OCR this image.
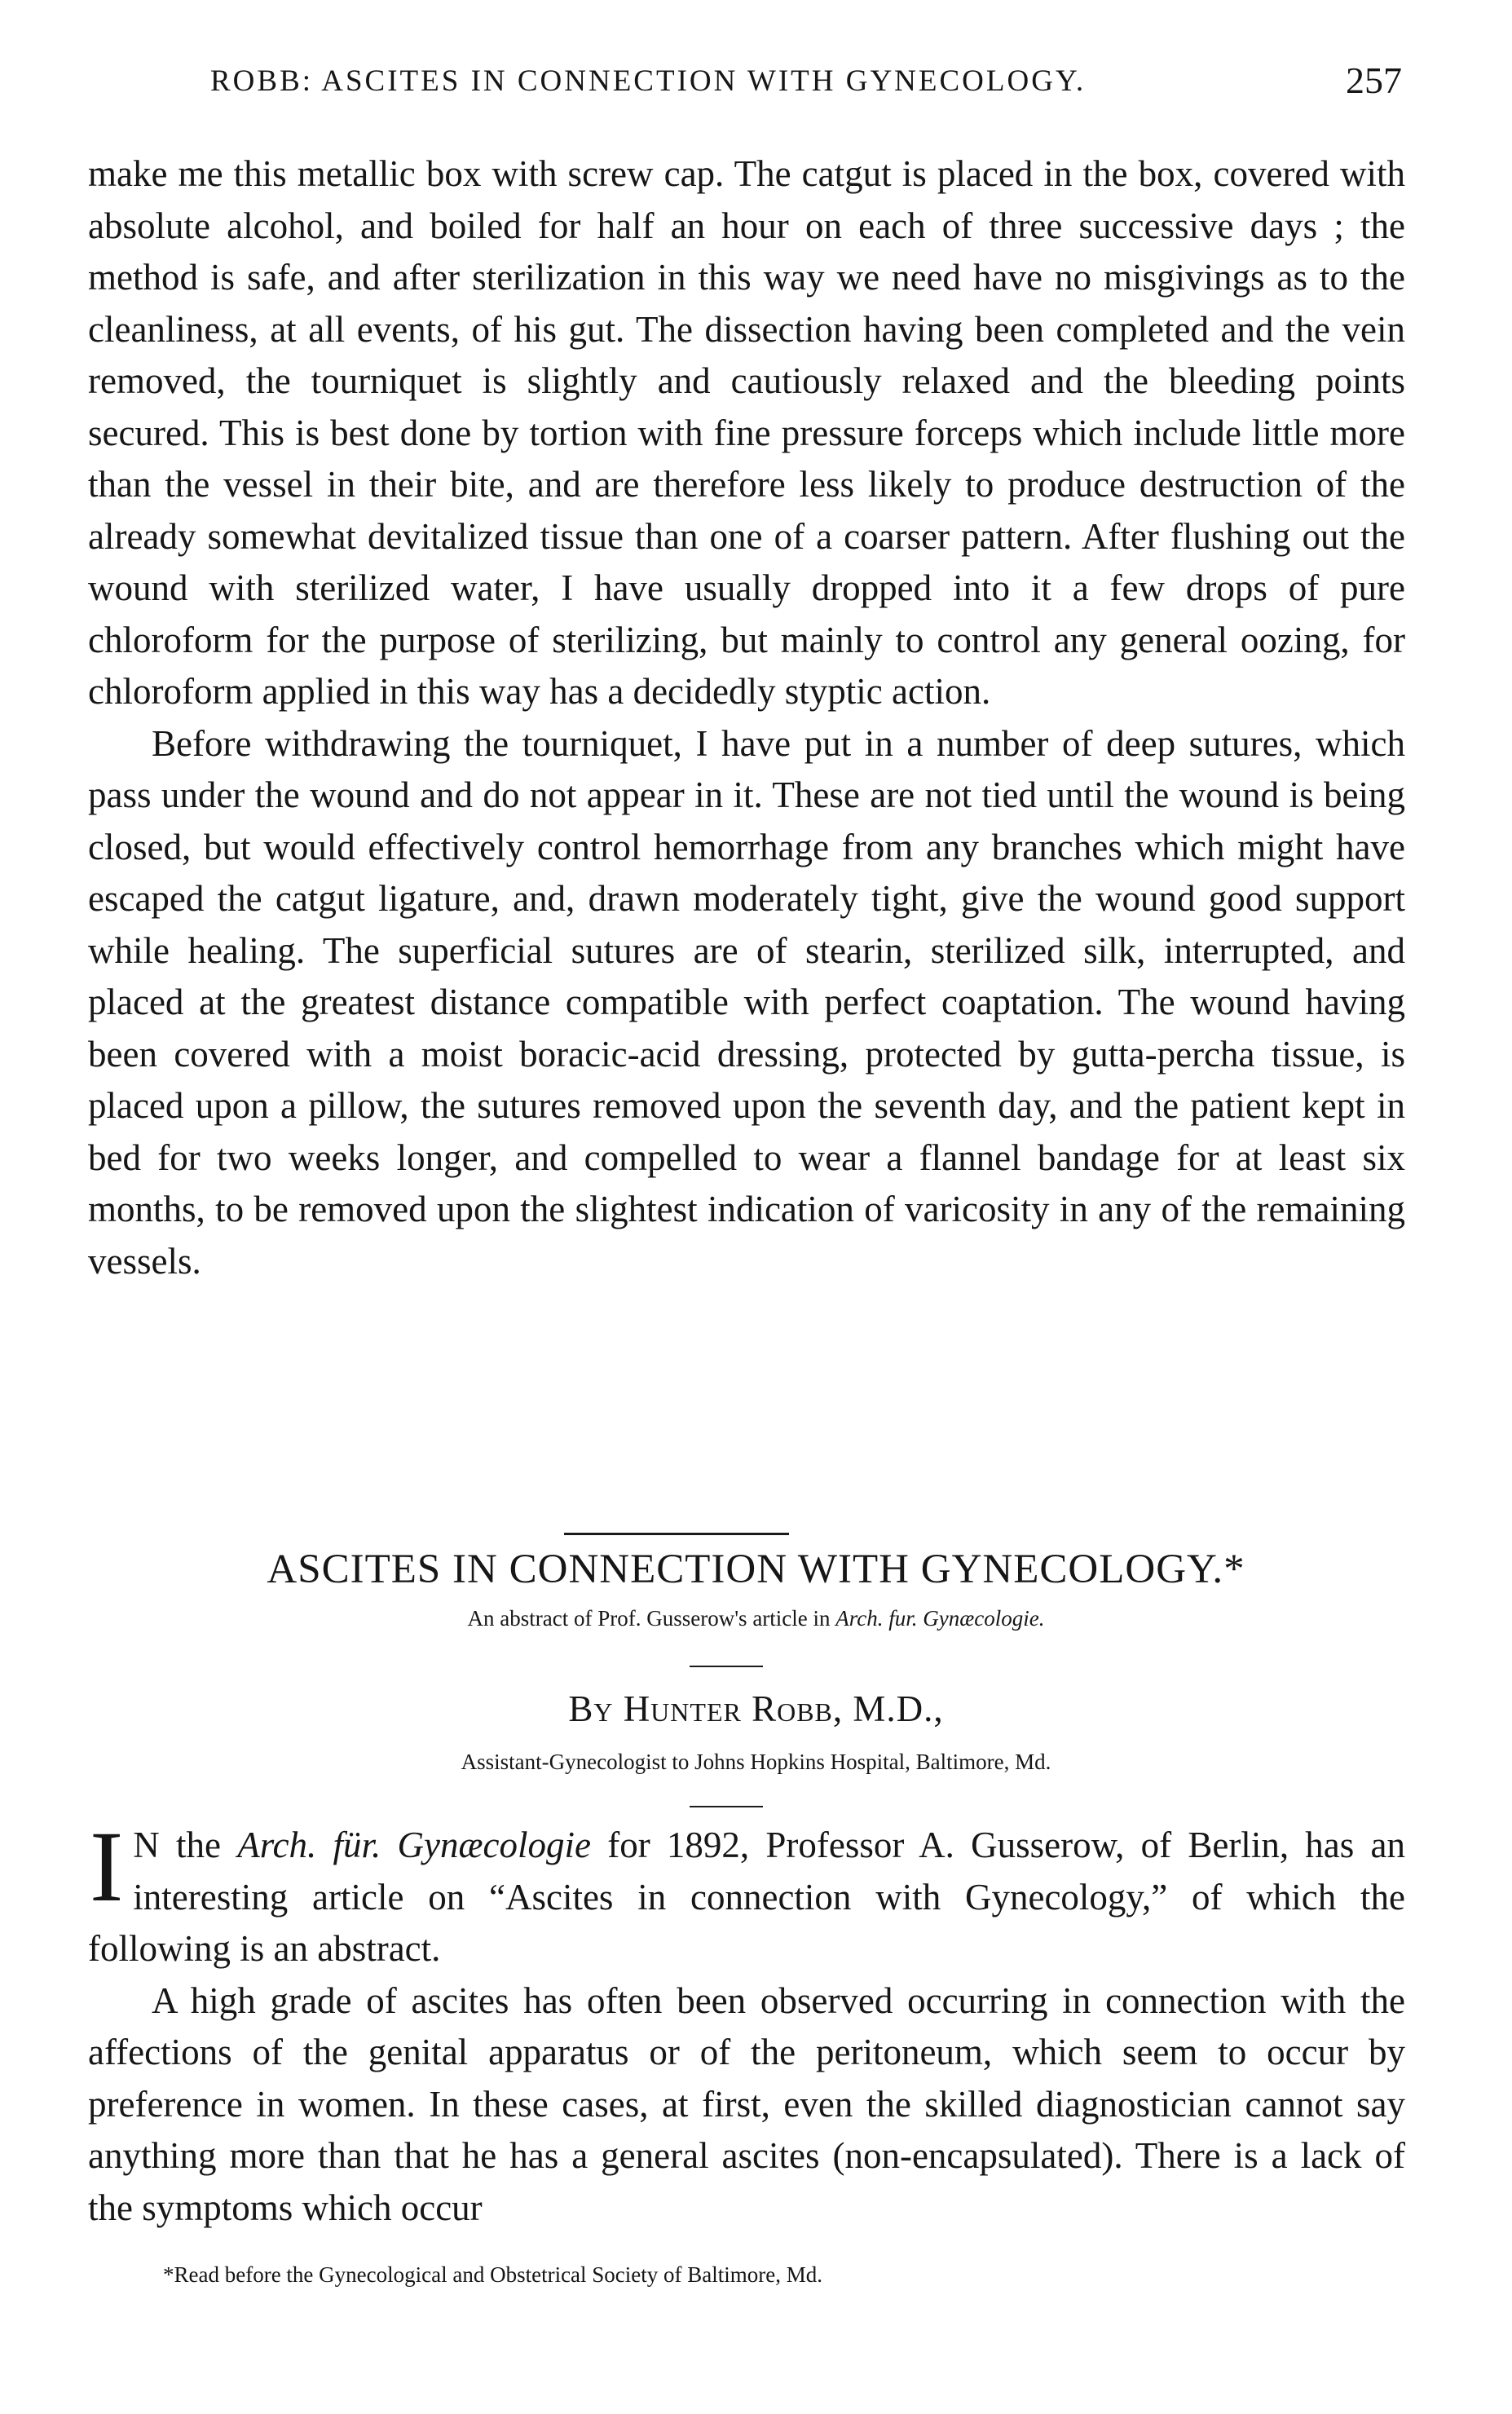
ROBB: ASCITES IN CONNECTION WITH GYNECOLOGY.	257

make me this metallic box with screw cap. The catgut is placed in the box, covered with absolute alcohol, and boiled for half an hour on each of three successive days ; the method is safe, and after sterilization in this way we need have no misgivings as to the cleanliness, at all events, of his gut. The dissection having been completed and the vein removed, the tourniquet is slightly and cautiously relaxed and the bleeding points secured. This is best done by tortion with fine pressure forceps which include little more than the vessel in their bite, and are therefore less likely to produce destruction of the already somewhat devitalized tissue than one of a coarser pattern. After flushing out the wound with sterilized water, I have usually dropped into it a few drops of pure chloroform for the purpose of sterilizing, but mainly to control any general oozing, for chloroform applied in this way has a decidedly styptic action.

Before withdrawing the tourniquet, I have put in a number of deep sutures, which pass under the wound and do not appear in it. These are not tied until the wound is being closed, but would effectively control hemorrhage from any branches which might have escaped the catgut ligature, and, drawn moderately tight, give the wound good support while healing. The superficial sutures are of stearin, sterilized silk, interrupted, and placed at the greatest distance compatible with perfect coaptation. The wound having been covered with a moist boracic-acid dressing, protected by gutta-percha tissue, is placed upon a pillow, the sutures removed upon the seventh day, and the patient kept in bed for two weeks longer, and compelled to wear a flannel bandage for at least six months, to be removed upon the slightest indication of varicosity in any of the remaining vessels.

ASCITES IN CONNECTION WITH GYNECOLOGY.*
An abstract of Prof. Gusserow's article in Arch. fur. Gynæcologie.
By Hunter Robb, M.D.,
Assistant-Gynecologist to Johns Hopkins Hospital, Baltimore, Md.

I N the Arch. für. Gynæcologie for 1892, Professor A. Gusserow, of Berlin, has an interesting article on “Ascites in connection with Gynecology,” of which the following is an abstract.

A high grade of ascites has often been observed occurring in connection with the affections of the genital apparatus or of the peritoneum, which seem to occur by preference in women. In these cases, at first, even the skilled diagnostician cannot say anything more than that he has a general ascites (non-encapsulated). There is a lack of the symptoms which occur

*Read before the Gynecological and Obstetrical Society of Baltimore, Md.
